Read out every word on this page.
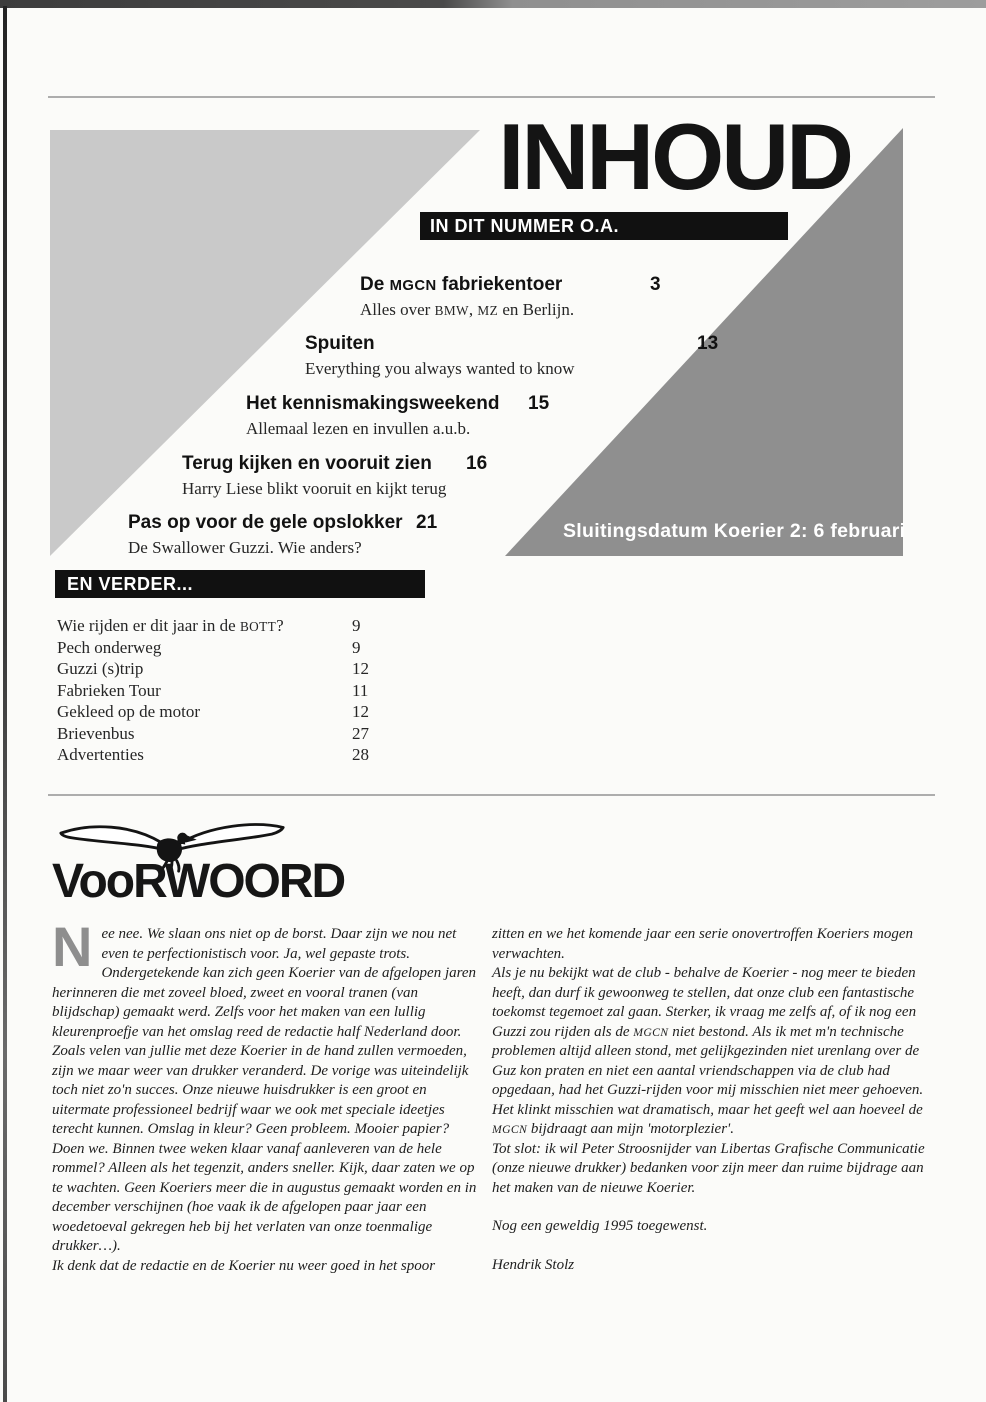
INHOUD
IN DIT NUMMER O.A.
De MGCN fabriekentoer	3
Alles over BMW, MZ en Berlijn.
Spuiten	13
Everything you always wanted to know
Het kennismakingsweekend 15
Allemaal lezen en invullen a.u.b.
Terug kijken en vooruit zien 16
Harry Liese blikt vooruit en kijkt terug
Pas op voor de gele opslokker 21
De Swallower Guzzi. Wie anders?
Sluitingsdatum Koerier 2: 6 februari
EN VERDER...
Wie rijden er dit jaar in de BOTT?	9
Pech onderweg	9
Guzzi (s)trip	12
Fabrieken Tour	11
Gekleed op de motor	12
Brievenbus	27
Advertenties	28
VooRWOORD

Nee nee. We slaan ons niet op de borst. Daar zijn we nou net even te perfectionistisch voor. Ja, wel gepaste trots. Ondergetekende kan zich geen Koerier van de afgelopen jaren herinneren die met zoveel bloed, zweet en vooral tranen (van blijdschap) gemaakt werd. Zelfs voor het maken van een lullig kleurenproefje van het omslag reed de redactie half Nederland door.

Zoals velen van jullie met deze Koerier in de hand zullen vermoeden, zijn we maar weer van drukker veranderd. De vorige was uiteindelijk toch niet zo'n succes. Onze nieuwe huisdrukker is een groot en uitermate professioneel bedrijf waar we ook met speciale ideetjes terecht kunnen. Omslag in kleur? Geen probleem. Mooier papier? Doen we. Binnen twee weken klaar vanaf aanleveren van de hele rommel? Alleen als het tegenzit, anders sneller. Kijk, daar zaten we op te wachten. Geen Koeriers meer die in augustus gemaakt worden en in december verschijnen (hoe vaak ik de afgelopen paar jaar een woedetoeval gekregen heb bij het verlaten van onze toenmalige drukker…).

Ik denk dat de redactie en de Koerier nu weer goed in het spoor

zitten en we het komende jaar een serie onovertroffen Koeriers mogen verwachten.

Als je nu bekijkt wat de club - behalve de Koerier - nog meer te bieden heeft, dan durf ik gewoonweg te stellen, dat onze club een fantastische toekomst tegemoet zal gaan. Sterker, ik vraag me zelfs af, of ik nog een Guzzi zou rijden als de MGCN niet bestond. Als ik met m'n technische problemen altijd alleen stond, met gelijkgezinden niet urenlang over de Guz kon praten en niet een aantal vriendschappen via de club had opgedaan, had het Guzzi-rijden voor mij misschien niet meer gehoeven. Het klinkt misschien wat dramatisch, maar het geeft wel aan hoeveel de MGCN bijdraagt aan mijn 'motorplezier'.

Tot slot: ik wil Peter Stroosnijder van Libertas Grafische Communicatie (onze nieuwe drukker) bedanken voor zijn meer dan ruime bijdrage aan het maken van de nieuwe Koerier.

Nog een geweldig 1995 toegewenst.

Hendrik Stolz
